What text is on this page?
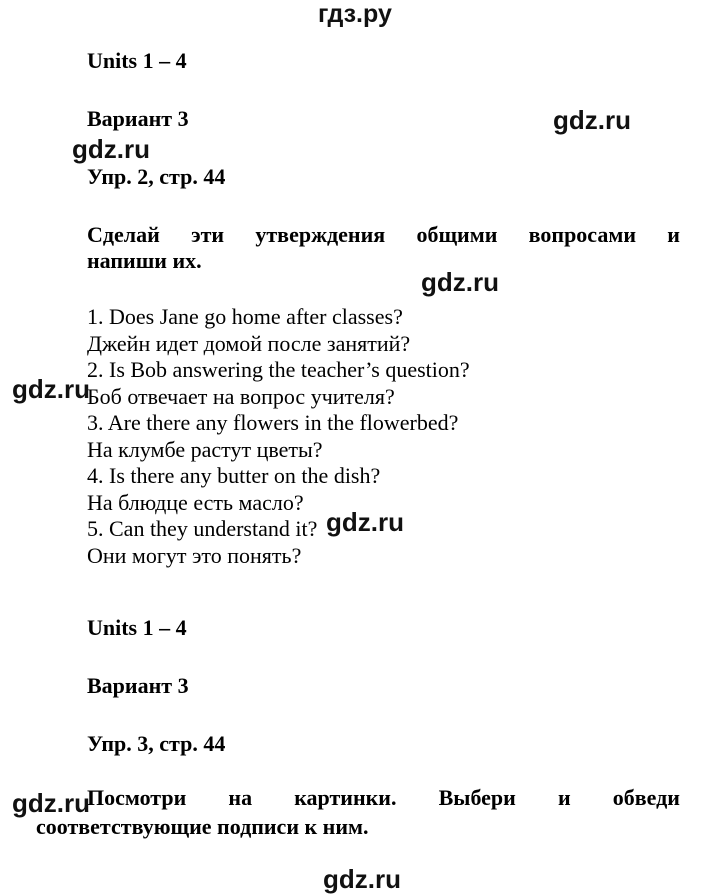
гдз.ру
Units 1 – 4
Вариант 3	gdz.ru
gdz.ru
Упр. 2, стр. 44
Сделай эти утверждения общими вопросами и
напиши их.
gdz.ru
1. Does Jane go home after classes?
Джейн идет домой после занятий?
2. Is Bob answering the teacher’s question?
Боб отвечает на вопрос учителя?
3. Are there any flowers in the flowerbed?
На клумбе растут цветы?
4. Is there any butter on the dish?
На блюдце есть масло?
5. Can they understand it?
Они могут это понять?
gdz.ru
gdz.ru
Units 1 – 4
Вариант 3
Упр. 3, стр. 44
Посмотри на картинки. Выбери и обведи
соответствующие подписи к ним.
gdz.ru
gdz.ru
